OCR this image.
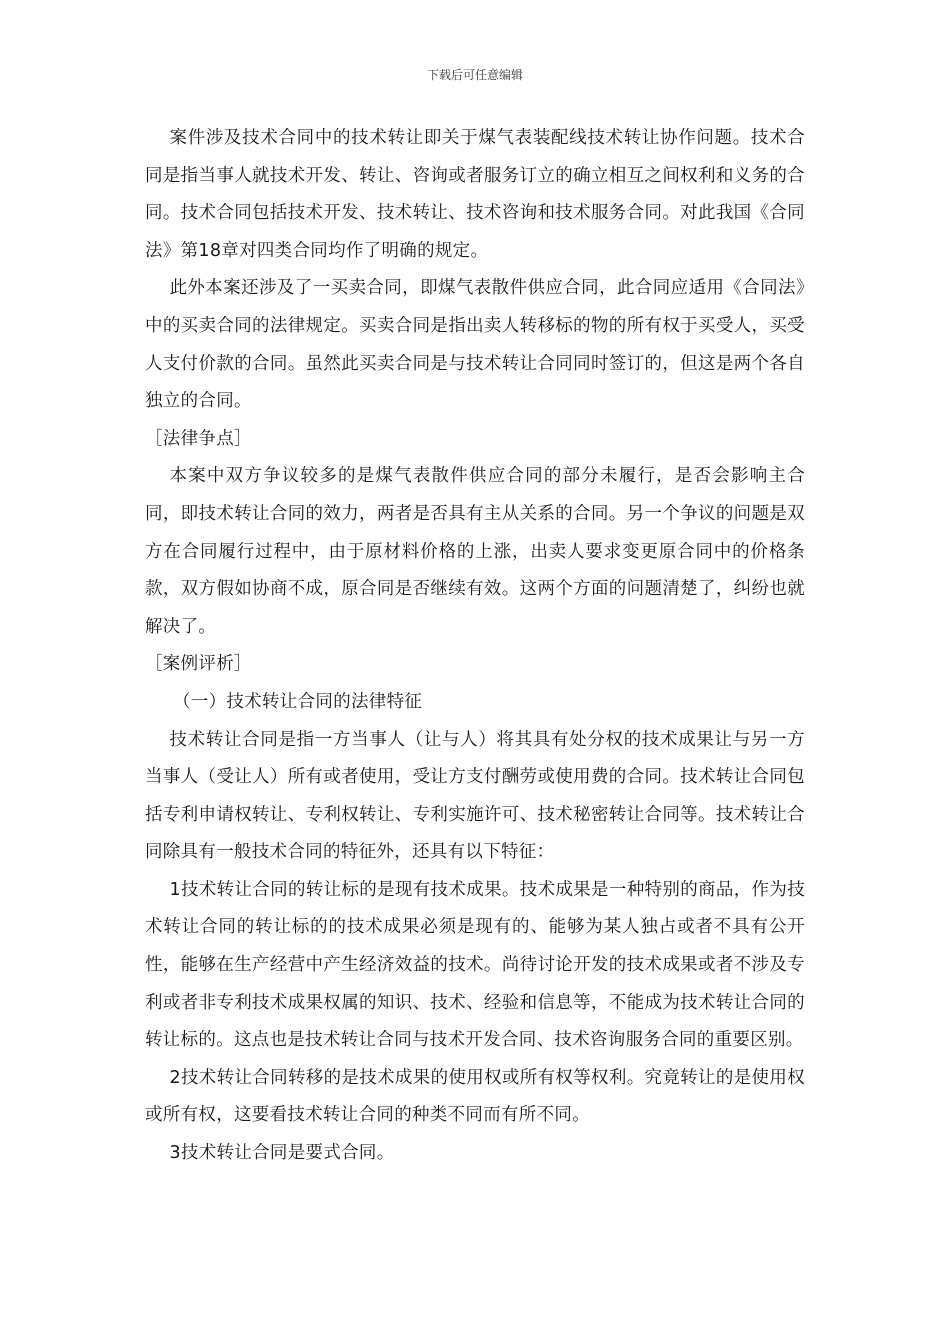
下载后可任意编辑

案件涉及技术合同中的技术转让即关于煤气表装配线技术转让协作问题。技术合同是指当事人就技术开发、转让、咨询或者服务订立的确立相互之间权利和义务的合同。技术合同包括技术开发、技术转让、技术咨询和技术服务合同。对此我国《合同法》第18章对四类合同均作了明确的规定。

此外本案还涉及了一买卖合同，即煤气表散件供应合同，此合同应适用《合同法》中的买卖合同的法律规定。买卖合同是指出卖人转移标的物的所有权于买受人，买受人支付价款的合同。虽然此买卖合同是与技术转让合同同时签订的，但这是两个各自独立的合同。

［法律争点］

本案中双方争议较多的是煤气表散件供应合同的部分未履行，是否会影响主合同，即技术转让合同的效力，两者是否具有主从关系的合同。另一个争议的问题是双方在合同履行过程中，由于原材料价格的上涨，出卖人要求变更原合同中的价格条款，双方假如协商不成，原合同是否继续有效。这两个方面的问题清楚了，纠纷也就解决了。

［案例评析］

（一）技术转让合同的法律特征

技术转让合同是指一方当事人（让与人）将其具有处分权的技术成果让与另一方当事人（受让人）所有或者使用，受让方支付酬劳或使用费的合同。技术转让合同包括专利申请权转让、专利权转让、专利实施许可、技术秘密转让合同等。技术转让合同除具有一般技术合同的特征外，还具有以下特征：

1技术转让合同的转让标的是现有技术成果。技术成果是一种特别的商品，作为技术转让合同的转让标的的技术成果必须是现有的、能够为某人独占或者不具有公开性，能够在生产经营中产生经济效益的技术。尚待讨论开发的技术成果或者不涉及专利或者非专利技术成果权属的知识、技术、经验和信息等，不能成为技术转让合同的转让标的。这点也是技术转让合同与技术开发合同、技术咨询服务合同的重要区别。

2技术转让合同转移的是技术成果的使用权或所有权等权利。究竟转让的是使用权或所有权，这要看技术转让合同的种类不同而有所不同。

3技术转让合同是要式合同。
